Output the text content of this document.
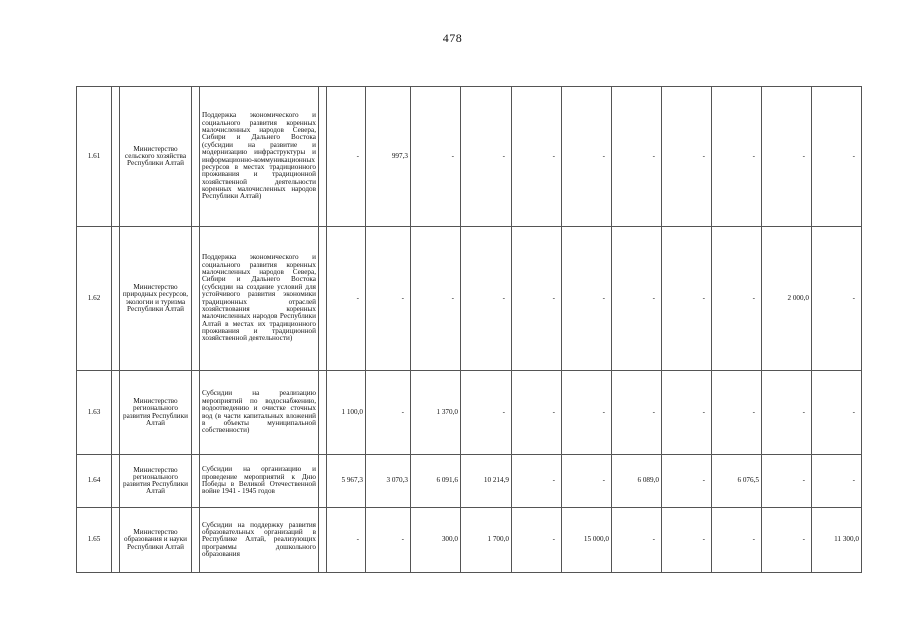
478
1.61		Министерство сельского хозяйства Республики Алтай		Поддержка экономического и социального развития коренных малочисленных народов Севера, Сибири и Дальнего Востока (субсидии на развитие и модернизацию инфраструктуры и информационно-коммуникационных ресурсов в местах традиционного проживания и традиционной хозяйственной деятельности коренных малочисленных народов Республики Алтай)		-	997,3	-	-	-	-	-	-	-	-	-
1.62		Министерство природных ресурсов, экологии и туризма Республики Алтай		Поддержка экономического и социального развития коренных малочисленных народов Севера, Сибири и Дальнего Востока (субсидии на создание условий для устойчивого развития экономики традиционных отраслей хозяйствования коренных малочисленных народов Республики Алтай в местах их традиционного проживания и традиционной хозяйственной деятельности)		-	-	-	-	-	-	-	-	-	2 000,0	-
1.63		Министерство регионального развития Республики Алтай		Субсидии на реализацию мероприятий по водоснабжению, водоотведению и очистке сточных вод (в части капитальных вложений в объекты муниципальной собственности)		1 100,0	-	1 370,0	-	-	-	-	-	-	-	-
1.64		Министерство регионального развития Республики Алтай		Субсидии на организацию и проведение мероприятий к Дню Победы в Великой Отечественной войне 1941 - 1945 годов		5 967,3	3 070,3	6 091,6	10 214,9	-	-	6 089,0	-	6 076,5	-	-
1.65		Министерство образования и науки Республики Алтай		Субсидии на поддержку развития образовательных организаций в Республике Алтай, реализующих программы дошкольного образования		-	-	300,0	1 700,0	-	15 000,0	-	-	-	-	11 300,0
